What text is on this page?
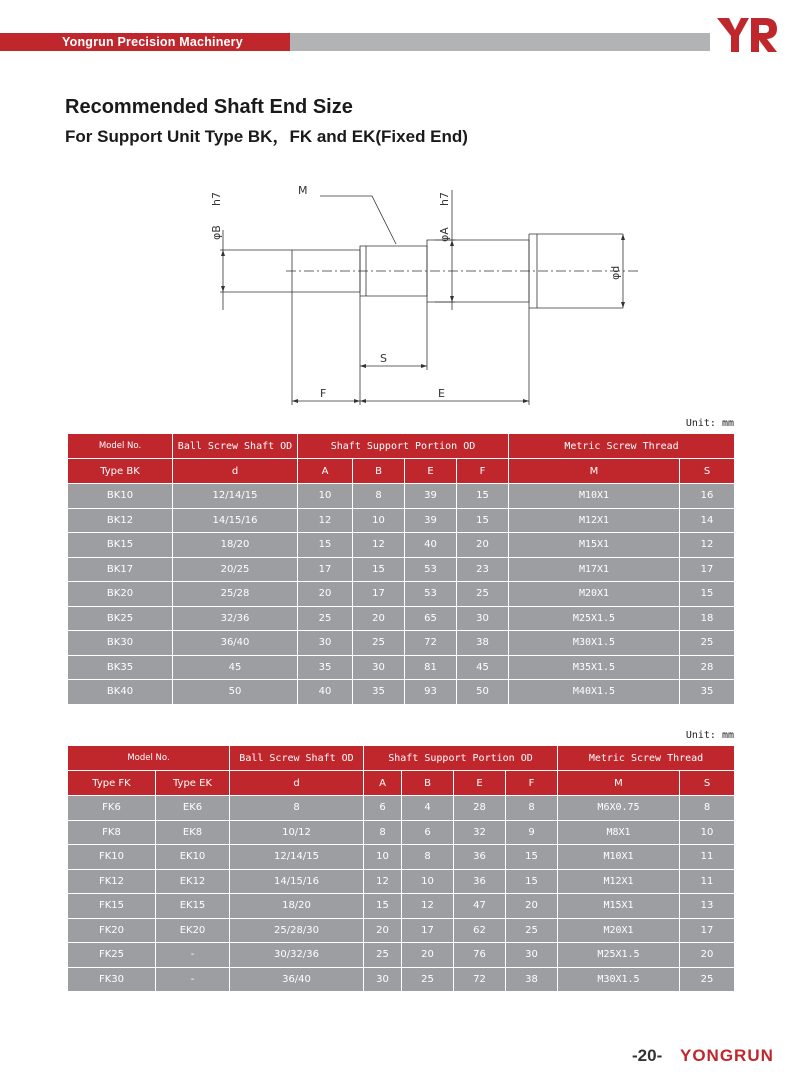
Yongrun Precision Machinery
Recommended Shaft End Size
For Support Unit Type BK，FK and EK(Fixed End)
φB
h7
M
φA
h7
φd
S
F	E
Unit: mm
Model No.	Ball Screw Shaft OD	Shaft Support Portion OD				Metric Screw Thread	
Type BK	d	A	B	E	F	M	S
BK10	12/14/15	10	8	39	15	M10X1	16
BK12	14/15/16	12	10	39	15	M12X1	14
BK15	18/20	15	12	40	20	M15X1	12
BK17	20/25	17	15	53	23	M17X1	17
BK20	25/28	20	17	53	25	M20X1	15
BK25	32/36	25	20	65	30	M25X1.5	18
BK30	36/40	30	25	72	38	M30X1.5	25
BK35	45	35	30	81	45	M35X1.5	28
BK40	50	40	35	93	50	M40X1.5	35
Unit: mm
Model No.		Ball Screw Shaft OD	Shaft Support Portion OD				Metric Screw Thread	
Type FK	Type EK	d	A	B	E	F	M	S
FK6	EK6	8	6	4	28	8	M6X0.75	8
FK8	EK8	10/12	8	6	32	9	M8X1	10
FK10	EK10	12/14/15	10	8	36	15	M10X1	11
FK12	EK12	14/15/16	12	10	36	15	M12X1	11
FK15	EK15	18/20	15	12	47	20	M15X1	13
FK20	EK20	25/28/30	20	17	62	25	M20X1	17
FK25	-	30/32/36	25	20	76	30	M25X1.5	20
FK30	-	36/40	30	25	72	38	M30X1.5	25
-20- YONGRUN
